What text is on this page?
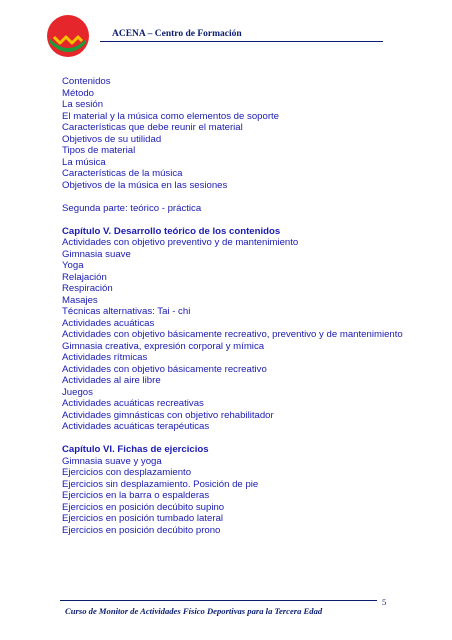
ACENA – Centro de Formación
Contenidos
Método
La sesión
El material y la música como elementos de soporte
Características que debe reunir el material
Objetivos de su utilidad
Tipos de material
La música
Características de la música
Objetivos de la música en las sesiones
Segunda parte: teórico - práctica
Capítulo V. Desarrollo teórico de los contenidos
Actividades con objetivo preventivo y de mantenimiento
Gimnasia suave
Yoga
Relajación
Respiración
Masajes
Técnicas alternativas: Tai - chi
Actividades acuáticas
Actividades con objetivo básicamente recreativo, preventivo y de mantenimiento
Gimnasia creativa, expresión corporal y mímica
Actividades rítmicas
Actividades con objetivo básicamente recreativo
Actividades al aire libre
Juegos
Actividades acuáticas recreativas
Actividades gimnásticas con objetivo rehabilitador
Actividades acuáticas terapéuticas
Capítulo VI. Fichas de ejercicios
Gimnasia suave y yoga
Ejercicios con desplazamiento
Ejercicios sin desplazamiento. Posición de pie
Ejercicios en la barra o espalderas
Ejercicios en posición decúbito supino
Ejercicios en posición tumbado lateral
Ejercicios en posición decúbito prono
Curso de Monitor de Actividades Físico Deportivas para la Tercera Edad
5
